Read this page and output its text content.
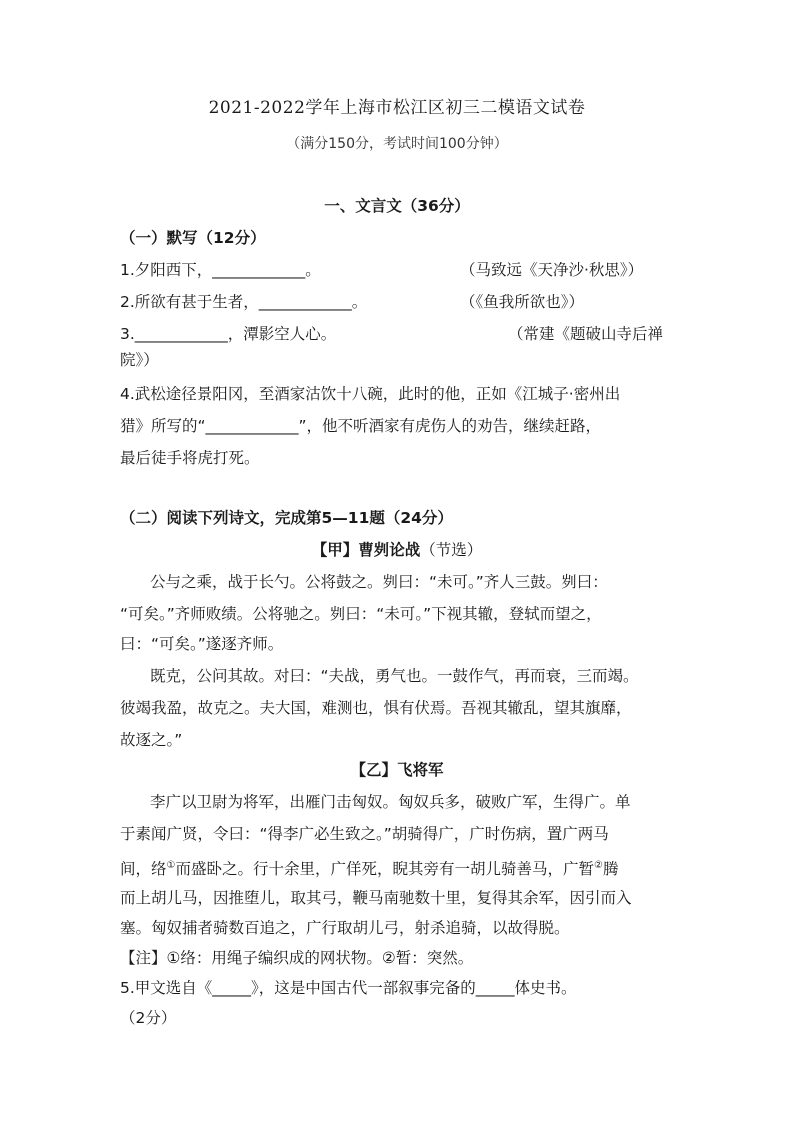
2021-2022学年上海市松江区初三二模语文试卷
（满分150分，考试时间100分钟）
一、文言文（36分）
（一）默写（12分）
1.夕阳西下，____________。	（马致远《天净沙·秋思》）
2.所欲有甚于生者，____________。	（《鱼我所欲也》）
3.____________，潭影空人心。	（常建《题破山寺后禅
院》）
4.武松途径景阳冈，至酒家沽饮十八碗，此时的他，正如《江城子·密州出
猎》所写的“____________”，他不听酒家有虎伤人的劝告，继续赶路，
最后徒手将虎打死。
（二）阅读下列诗文，完成第5—11题（24分）
【甲】曹刿论战（节选）
公与之乘，战于长勺。公将鼓之。刿曰：“未可。”齐人三鼓。刿曰：
“可矣。”齐师败绩。公将驰之。刿曰：“未可。”下视其辙，登轼而望之，
曰：“可矣。”遂逐齐师。
既克，公问其故。对曰：“夫战，勇气也。一鼓作气，再而衰，三而竭。
彼竭我盈，故克之。夫大国，难测也，惧有伏焉。吾视其辙乱，望其旗靡，
故逐之。”
【乙】飞将军
李广以卫尉为将军，出雁门击匈奴。匈奴兵多，破败广军，生得广。单
于素闻广贤，令曰：“得李广必生致之。”胡骑得广，广时伤病，置广两马
间，络①而盛卧之。行十余里，广佯死，睨其旁有一胡儿骑善马，广暂②腾
而上胡儿马，因推堕儿，取其弓，鞭马南驰数十里，复得其余军，因引而入
塞。匈奴捕者骑数百追之，广行取胡儿弓，射杀追骑，以故得脱。
【注】①络：用绳子编织成的网状物。②暂：突然。
5.甲文选自《_____》，这是中国古代一部叙事完备的_____体史书。
（2分）
